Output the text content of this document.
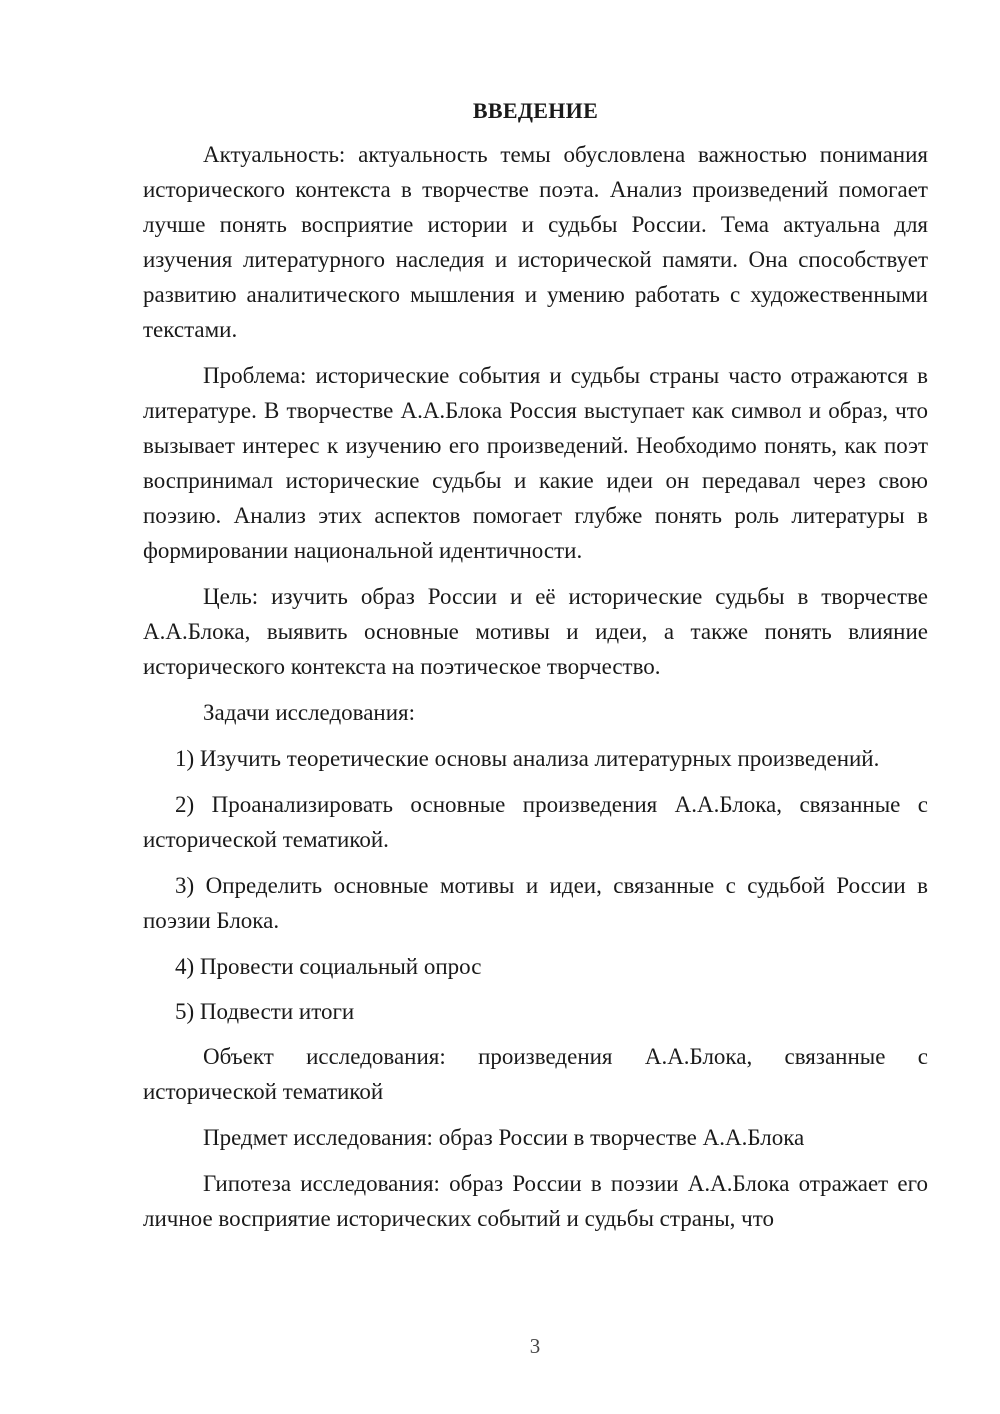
ВВЕДЕНИЕ

Актуальность: актуальность темы обусловлена важностью понимания исторического контекста в творчестве поэта. Анализ произведений помогает лучше понять восприятие истории и судьбы России. Тема актуальна для изучения литературного наследия и исторической памяти. Она способствует развитию аналитического мышления и умению работать с художественными текстами.

Проблема: исторические события и судьбы страны часто отражаются в литературе. В творчестве А.А.Блока Россия выступает как символ и образ, что вызывает интерес к изучению его произведений. Необходимо понять, как поэт воспринимал исторические судьбы и какие идеи он передавал через свою поэзию. Анализ этих аспектов помогает глубже понять роль литературы в формировании национальной идентичности.

Цель: изучить образ России и её исторические судьбы в творчестве А.А.Блока, выявить основные мотивы и идеи, а также понять влияние исторического контекста на поэтическое творчество.

Задачи исследования:

1) Изучить теоретические основы анализа литературных произведений.

2) Проанализировать основные произведения А.А.Блока, связанные с исторической тематикой.

3) Определить основные мотивы и идеи, связанные с судьбой России в поэзии Блока.

4) Провести социальный опрос

5) Подвести итоги

Объект исследования: произведения А.А.Блока, связанные с исторической тематикой

Предмет исследования: образ России в творчестве А.А.Блока

Гипотеза исследования: образ России в поэзии А.А.Блока отражает его личное восприятие исторических событий и судьбы страны, что

3
